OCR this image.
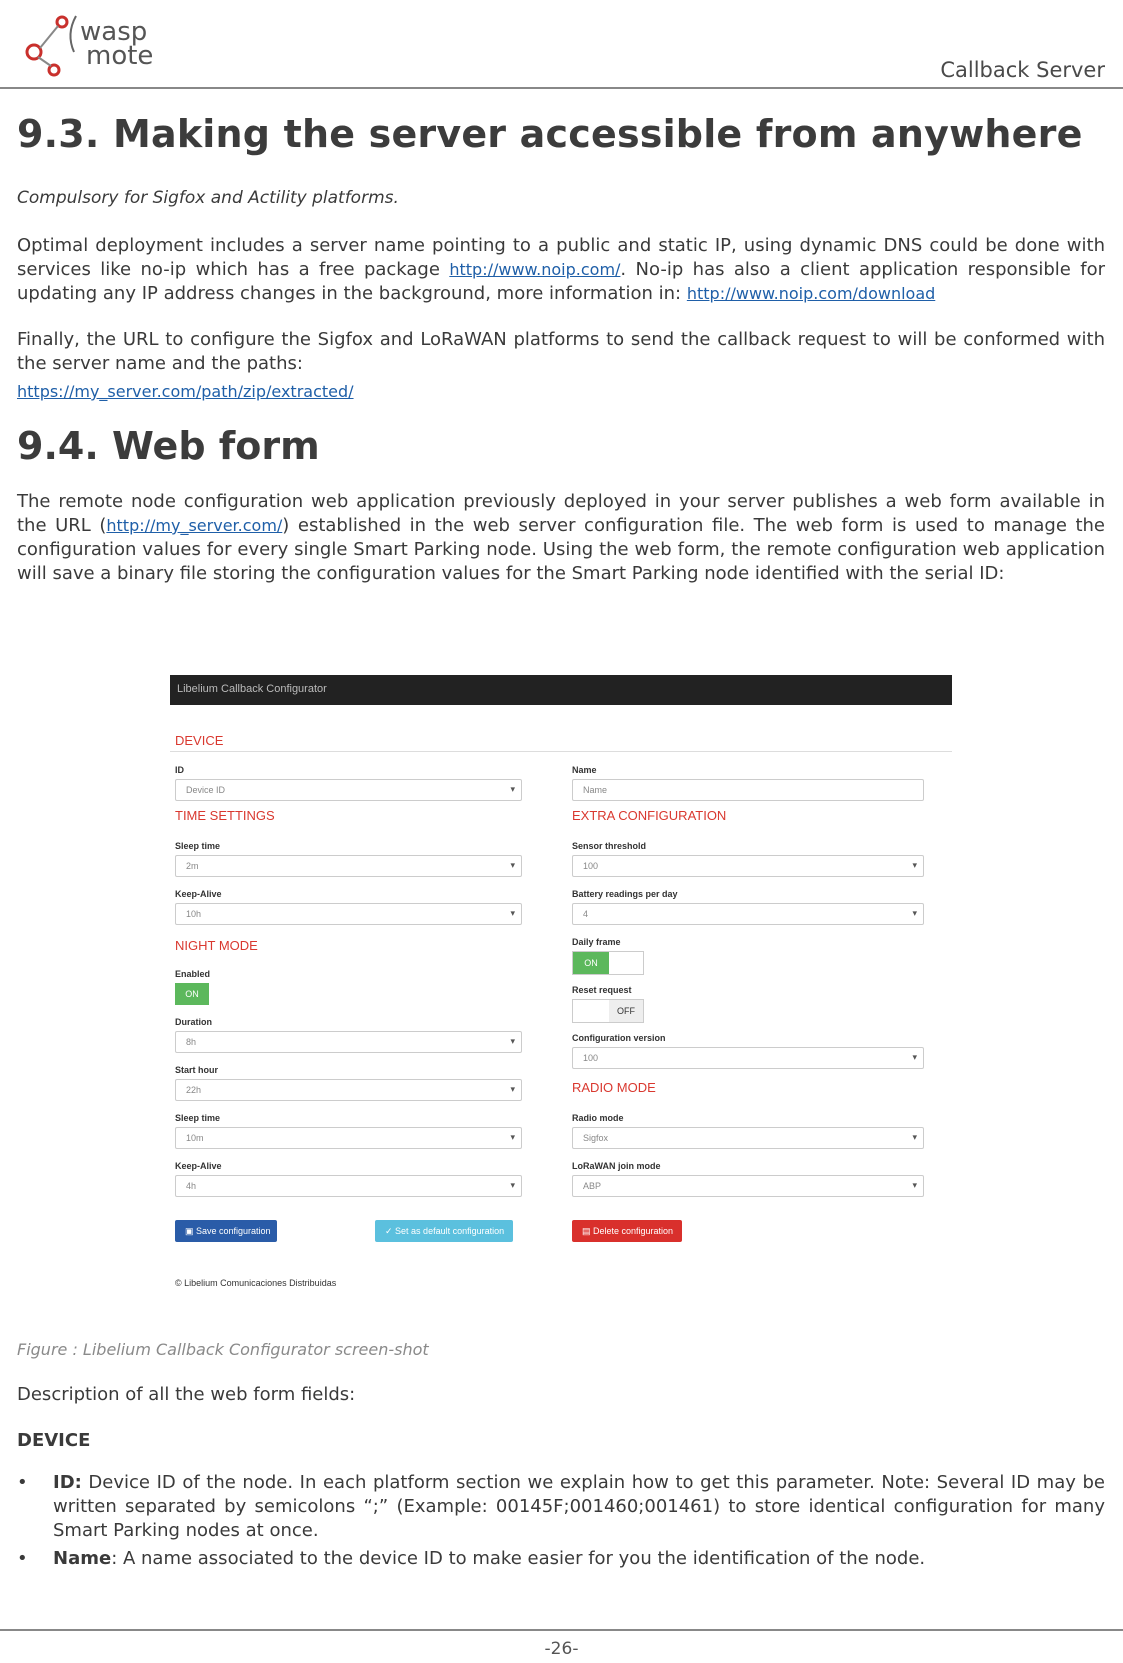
wasp
mote	Callback Server
9.3. Making the server accessible from anywhere

Compulsory for Sigfox and Actility platforms.

Optimal deployment includes a server name pointing to a public and static IP, using dynamic DNS could be done with services like no-ip which has a free package http://www.noip.com/. No-ip has also a client application responsible for updating any IP address changes in the background, more information in: http://www.noip.com/download

Finally, the URL to configure the Sigfox and LoRaWAN platforms to send the callback request to will be conformed with the server name and the paths:

https://my_server.com/path/zip/extracted/

9.4. Web form

The remote node configuration web application previously deployed in your server publishes a web form available in the URL (http://my_server.com/) established in the web server configuration file. The web form is used to manage the configuration values for every single Smart Parking node. Using the web form, the remote configuration web application will save a binary file storing the configuration values for the Smart Parking node identified with the serial ID:

Libelium Callback Configurator
DEVICE
ID
Device ID	▾
TIME SETTINGS
Sleep time
2m	▾
Keep-Alive
10h	▾
NIGHT MODE
Enabled
ON
Duration
8h	▾
Start hour
22h	▾
Sleep time
10m	▾
Keep-Alive
4h	▾
Name
Name
EXTRA CONFIGURATION
Sensor threshold
100	▾
Battery readings per day
4	▾
Daily frame
ON
Reset request
OFF
Configuration version
100	▾
RADIO MODE
Radio mode
Sigfox	▾
LoRaWAN join mode
ABP	▾
▣ Save configuration	✓ Set as default configuration	▤ Delete configuration
© Libelium Comunicaciones Distribuidas
Figure : Libelium Callback Configurator screen-shot

Description of all the web form fields:

DEVICE

• ID: Device ID of the node. In each platform section we explain how to get this parameter. Note: Several ID may be written separated by semicolons “;” (Example: 00145F;001460;001461) to store identical configuration for many Smart Parking nodes at once.
• Name: A name associated to the device ID to make easier for you the identification of the node.
-26-
